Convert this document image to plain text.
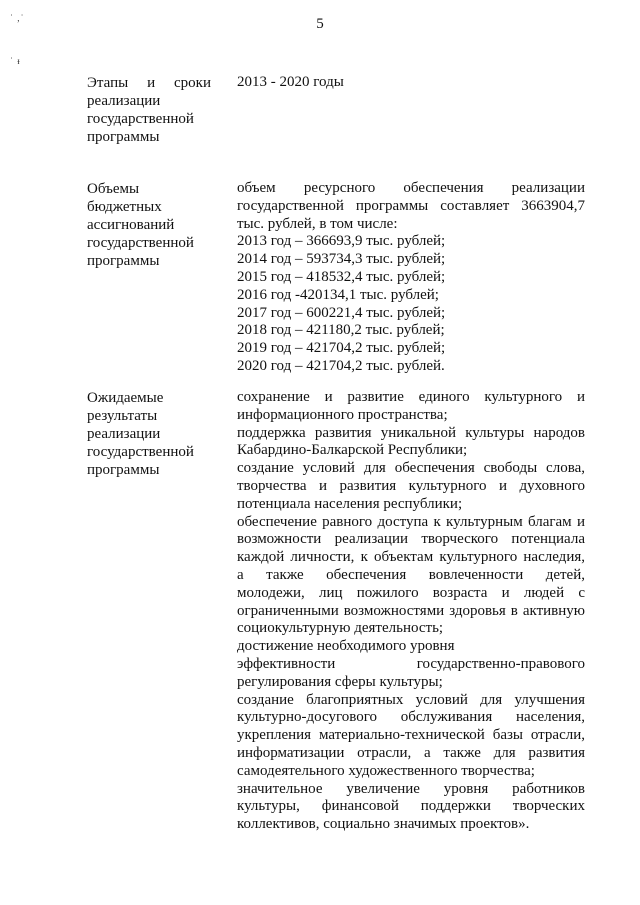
5
ʿ ,ʾ
˙ ᵻ
Этапы и сроки
реализации
государственной
программы
2013 - 2020 годы
Объемы
бюджетных
ассигнований
государственной
программы
объем ресурсного обеспечения реализации
государственной программы составляет 3663904,7
тыс. рублей, в том числе:
2013 год – 366693,9 тыс. рублей;
2014 год – 593734,3 тыс. рублей;
2015 год – 418532,4 тыс. рублей;
2016 год -420134,1 тыс. рублей;
2017 год – 600221,4 тыс. рублей;
2018 год – 421180,2 тыс. рублей;
2019 год – 421704,2 тыс. рублей;
2020 год – 421704,2 тыс. рублей.
Ожидаемые
результаты
реализации
государственной
программы
сохранение и развитие единого культурного и
информационного пространства;
поддержка развития уникальной культуры народов
Кабардино-Балкарской Республики;
создание условий для обеспечения свободы слова,
творчества и развития культурного и духовного
потенциала населения республики;
обеспечение равного доступа к культурным благам и
возможности реализации творческого потенциала
каждой личности, к объектам культурного наследия,
а также обеспечения вовлеченности детей,
молодежи, лиц пожилого возраста и людей с
ограниченными возможностями здоровья в активную
социокультурную деятельность;
достижение необходимого уровня
эффективности государственно-правового
регулирования сферы культуры;
создание благоприятных условий для улучшения
культурно-досугового обслуживания населения,
укрепления материально-технической базы отрасли,
информатизации отрасли, а также для развития
самодеятельного художественного творчества;
значительное увеличение уровня работников
культуры, финансовой поддержки творческих
коллективов, социально значимых проектов».
